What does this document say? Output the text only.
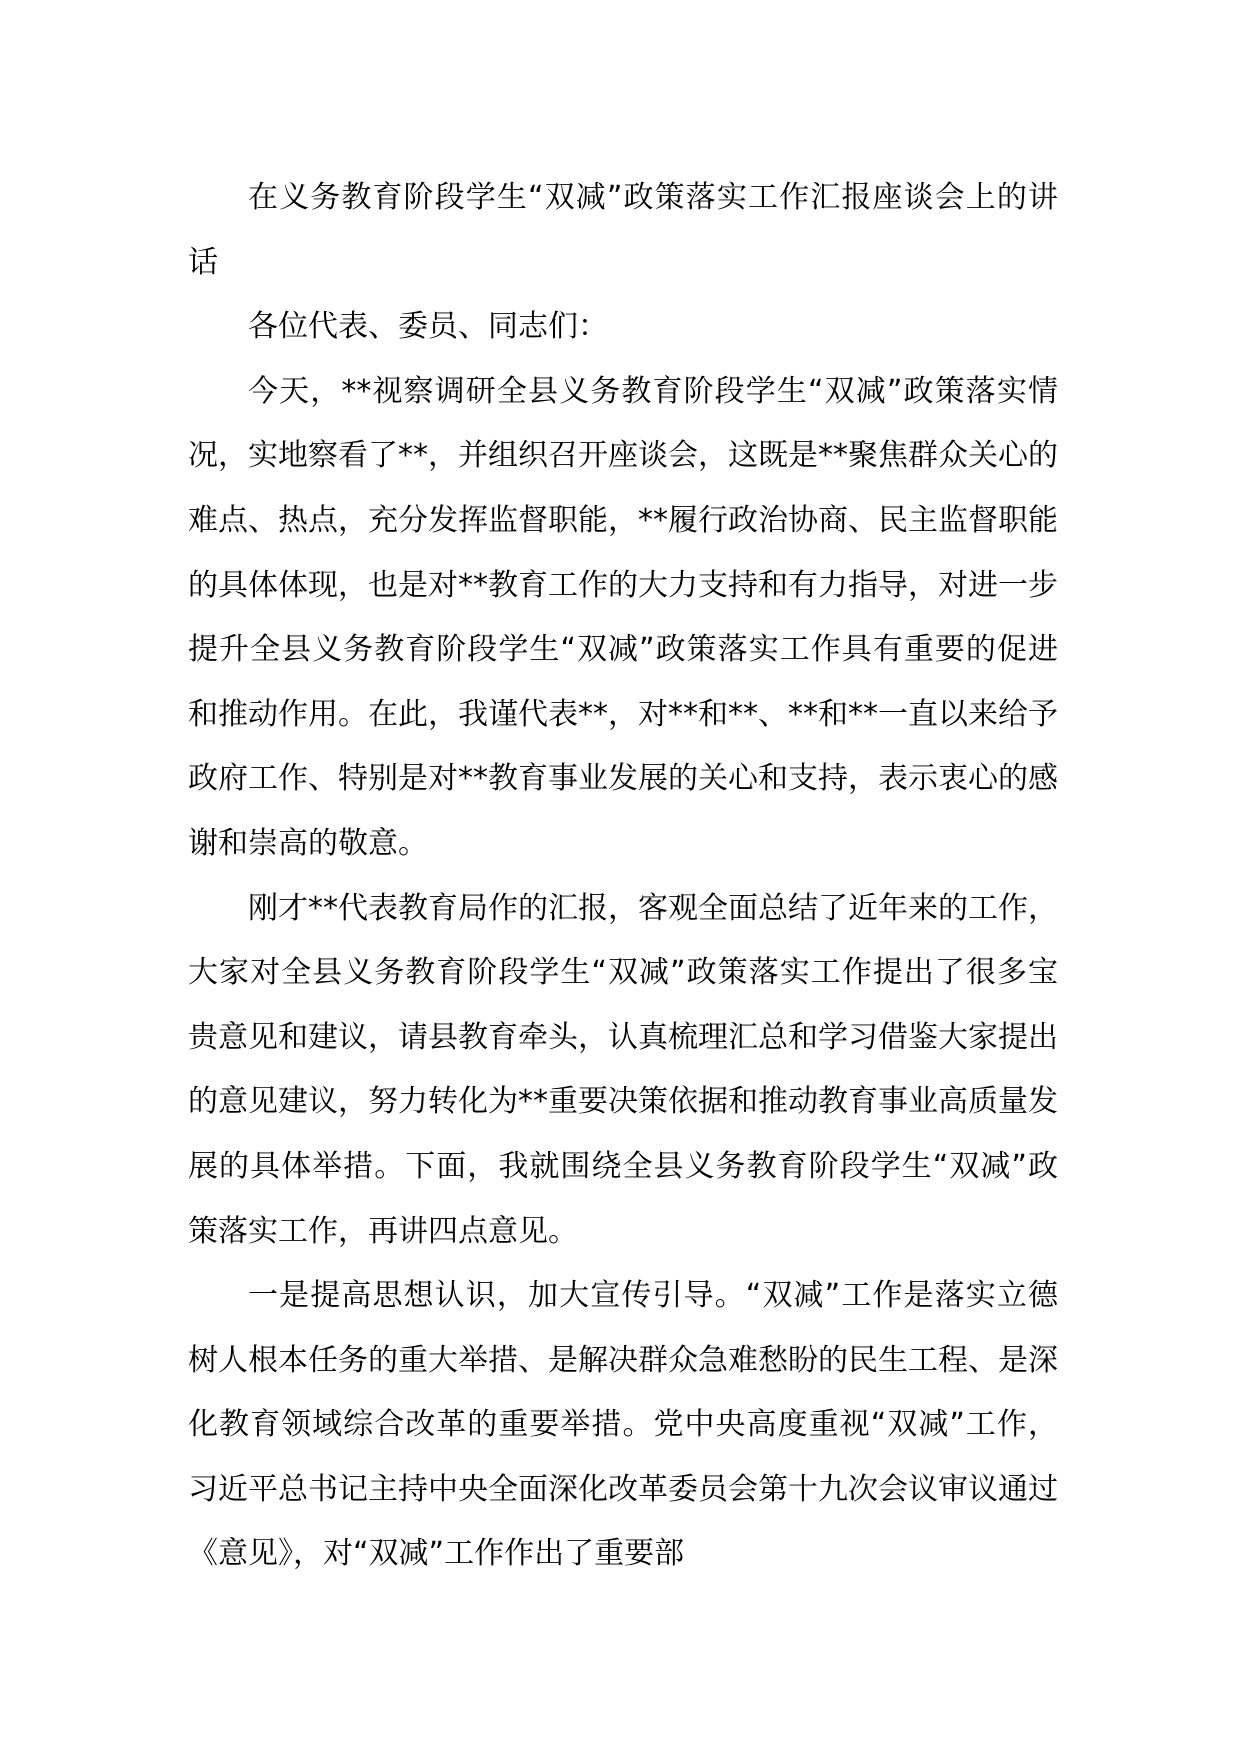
在义务教育阶段学生“双减”政策落实工作汇报座谈会上的讲话

各位代表、委员、同志们：

今天，**视察调研全县义务教育阶段学生“双减”政策落实情况，实地察看了**，并组织召开座谈会，这既是**聚焦群众关心的难点、热点，充分发挥监督职能，**履行政治协商、民主监督职能的具体体现，也是对**教育工作的大力支持和有力指导，对进一步提升全县义务教育阶段学生“双减”政策落实工作具有重要的促进和推动作用。在此，我谨代表**，对**和**、**和**一直以来给予政府工作、特别是对**教育事业发展的关心和支持，表示衷心的感谢和崇高的敬意。

刚才**代表教育局作的汇报，客观全面总结了近年来的工作，大家对全县义务教育阶段学生“双减”政策落实工作提出了很多宝贵意见和建议，请县教育牵头，认真梳理汇总和学习借鉴大家提出的意见建议，努力转化为**重要决策依据和推动教育事业高质量发展的具体举措。下面，我就围绕全县义务教育阶段学生“双减”政策落实工作，再讲四点意见。

一是提高思想认识，加大宣传引导。“双减”工作是落实立德树人根本任务的重大举措、是解决群众急难愁盼的民生工程、是深化教育领域综合改革的重要举措。党中央高度重视“双减”工作，习近平总书记主持中央全面深化改革委员会第十九次会议审议通过《意见》，对“双减”工作作出了重要部
